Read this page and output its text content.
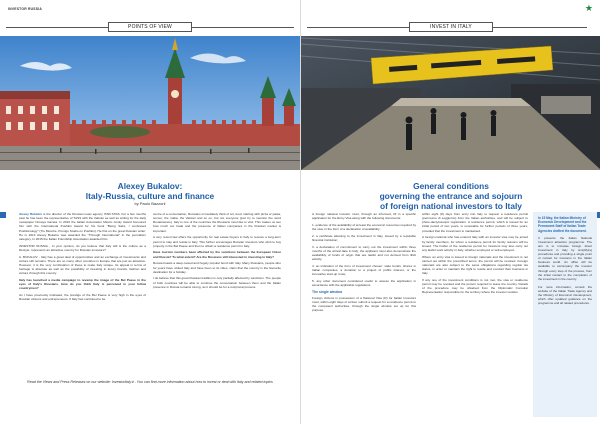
INVESTOR RUSSIA
POINTS OF VIEW
Alexey Bukalov:
Italy-Russia, culture and finance
by Paolo Bazzoni

Alexey Bukalov is the director of the Russian news agency ITAR-TASS. For a few months past he has been the representative of TASS with the Vatican as well as writing for the daily newspaper Novaya Gazeta. In 2010 the Italian Association Maxim Gorky Award honoured him with the International Pushkin Award for his book "Being Saint, I confessed Pushkinology" (Tre Mosche, Pomigo Studio on Pushkin). He first on the great Russian writer. He is 2014 Alexey Bukalov was awarded the "Through International" in the journalism category. In 2015 the Italian Friendship Association awarded him.

INVESTOR RUSSIA - In your opinion, do you believe that Italy still is the culture as a lifestyle, represents an attractive country for Russian investors?

A. BUKALOV - Italy has a great deal of opportunities and an exchange of investments and culture still remains. There are so many other countries in Europe that are just as attractive. However, it is the very combination of these to make Italy unique. Its appeal in terms of heritage is absolute as well as the possibility of investing in luxury brands, fashion and culture through this country.

Italy has launched a media campaign to revamp the image of the Bel Paese in the eyes of Italy's Russians. How do you think Italy is perceived in your fellow countrymen?

As I have previously indicated, the prestige of the Bel Paese is very high in the eyes of Russian citizens and entrepreneurs. If Italy has continued to be

centre of a conversation, Russians immediately think of art, food, starting with pizza or pasta, soccer, the mafia, the Vatican and so on, but not everyone (just try to mention the word Renaissance). Italy is one of the countries the Russians most like to visit. This makes us see how much our trade and the presence of Italian companies in the Russian market is important.

A very recent law offers the opportunity for real estate buyers in Italy to receive a long-term permit to stay and reside in Italy. This further encourages Russian investors who wish to buy property in the Bel Paese and then to obtain a residence permit in Italy.

Have tourism numbers been affected by the sanctions between the European Union and Russia? To what extent? Are the Russians still interested in investing in Italy?

Russia boasts a deep-rooted and hugely popular bond with Italy. Many Russians, people who for years have visited Italy and have been to its cities, claim that the country is the favourite destination for a holiday.

I do believe that this great Russian tradition is only partially affected by sanctions. The people of both countries will be able to continue the conversation between them and the Italian presence in Russia remains strong, as it should be for a reciprocal process.

Read the Views and Press Releases on our website: InvestorItaly.it - You can find more information about how to invest or deal with Italy and related topics
★
INVEST IN ITALY
General conditions
governing the entrance and sojourn
of foreign national investors to Italy

A foreign national investor must, through an informed, fill in a specific application for the Entry Visa along with the following documents:

1. evidence of the availability of at least the economic resources required by the visa, in the form of a declaration of availability;

2. a certificate attesting to the investment in Italy, issued by a reputable financial institution;

3. a declaration of commitment to carry out the investment within three months of the arrival date in Italy; the applicant must also demonstrate the availability of funds of origin that are lawful and not derived from illicit activity;

4. an indication of the form of investment chosen: state bonds, shares in Italian companies, a donation to a project of public interest, or the innovative start-up route;

5. any other document considered useful to assess the application in accordance with the applicable regulations.

The single window

Foreign citizens in possession of a National Visa (D) for Italian Investors must, within eight days of arrival, submit a request for a residence permit to the competent authorities, through the single window set up for this purpose.

within eight (8) days from entry into Italy to request a residence permit (permesso di soggiorno) from the Italian authorities, and will be subject to photo-dactyloscopic registration. A residence permit, which is issued for an initial period of two years, is renewable for further periods of three years, provided that the investment is maintained.

A foreign national who has entered Italy with an investor visa may be joined by family members, for whom a residence permit for family reasons will be issued. The holder of the residence permit for investors may also carry out any lawful work activity in Italy, whether employed or self-employed.

Where an entry visa is issued to foreign nationals and the investment is not carried out within the prescribed terms, the permit will be revoked. Foreign nationals are also subject to the same obligations regarding regular tax status, in order to maintain the right to reside and conduct their business in Italy.

If any one of the investment conditions is not met, the visa or residence permit may be revoked and the person required to leave the country. Details of the procedure may be obtained from the Diplomatic Consular Representation responsible for the territory where the investor resides.

In 15 May, the Italian Ministry of Economic Development and the Permanent Staff of Italian Trade Agencies drafted the document.
It presents the Italian National Investment attraction programme. The aim is to increase foreign direct investment in Italy by simplifying procedures and providing a single point of contact for investors in the Italian business world. An office will be available to accompany the investor through every step of the process, from the initial contact to the completion of the investment in the country.

For more information, consult the website of the Italian Trade Agency and the Ministry of Economic Development, which offer updated guidance on the programme and all related procedures.
